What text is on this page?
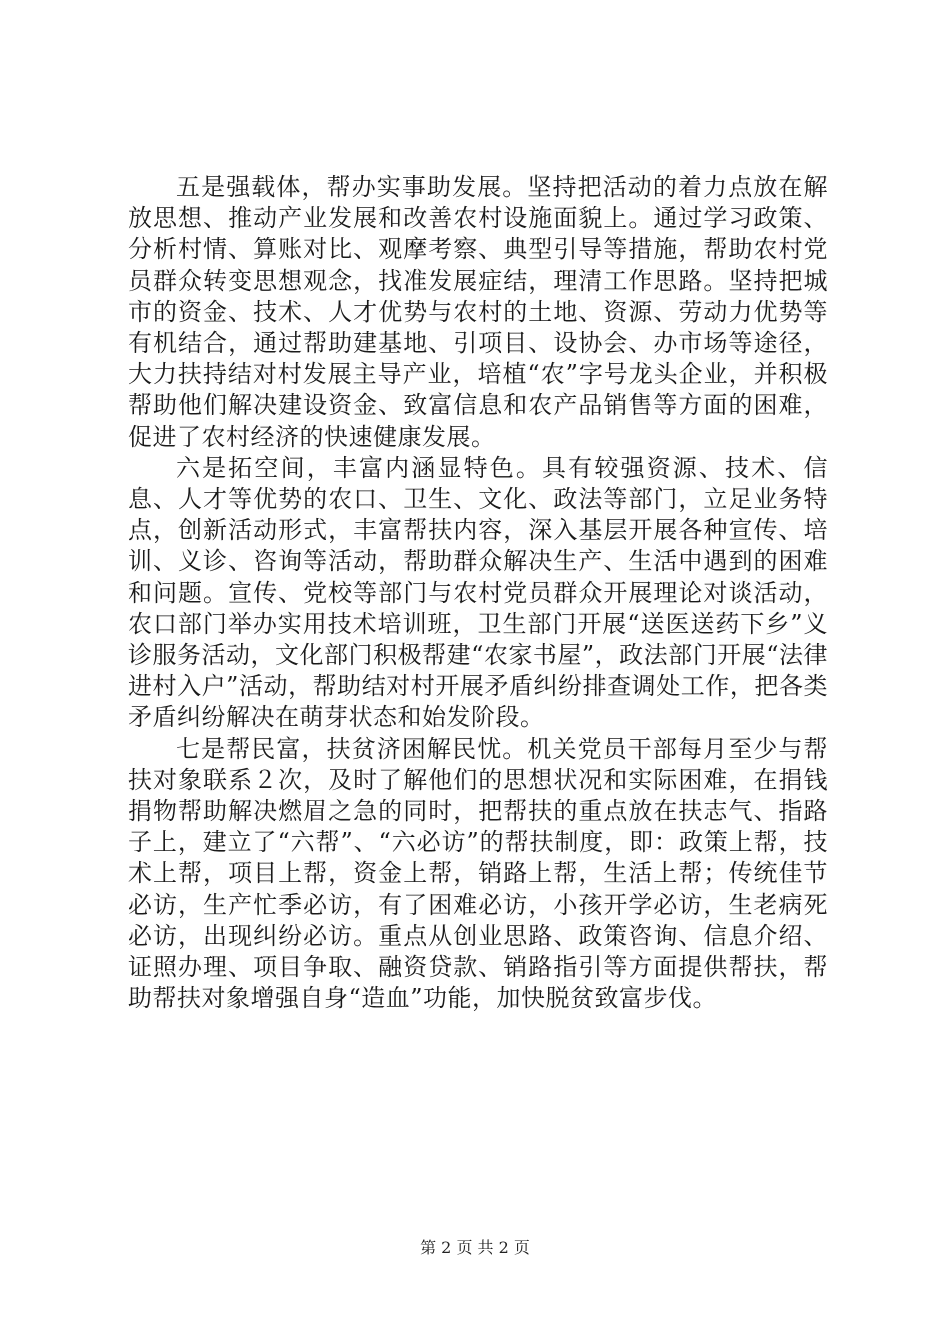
五是强载体，帮办实事助发展。坚持把活动的着力点放在解放思想、推动产业发展和改善农村设施面貌上。通过学习政策、分析村情、算账对比、观摩考察、典型引导等措施，帮助农村党员群众转变思想观念，找准发展症结，理清工作思路。坚持把城市的资金、技术、人才优势与农村的土地、资源、劳动力优势等有机结合，通过帮助建基地、引项目、设协会、办市场等途径，大力扶持结对村发展主导产业，培植“农”字号龙头企业，并积极帮助他们解决建设资金、致富信息和农产品销售等方面的困难，促进了农村经济的快速健康发展。

六是拓空间，丰富内涵显特色。具有较强资源、技术、信息、人才等优势的农口、卫生、文化、政法等部门，立足业务特点，创新活动形式，丰富帮扶内容，深入基层开展各种宣传、培训、义诊、咨询等活动，帮助群众解决生产、生活中遇到的困难和问题。宣传、党校等部门与农村党员群众开展理论对谈活动，农口部门举办实用技术培训班，卫生部门开展“送医送药下乡”义诊服务活动，文化部门积极帮建“农家书屋”，政法部门开展“法律进村入户”活动，帮助结对村开展矛盾纠纷排查调处工作，把各类矛盾纠纷解决在萌芽状态和始发阶段。

七是帮民富，扶贫济困解民忧。机关党员干部每月至少与帮扶对象联系２次，及时了解他们的思想状况和实际困难，在捐钱捐物帮助解决燃眉之急的同时，把帮扶的重点放在扶志气、指路子上，建立了“六帮”、“六必访”的帮扶制度，即：政策上帮，技术上帮，项目上帮，资金上帮，销路上帮，生活上帮；传统佳节必访，生产忙季必访，有了困难必访，小孩开学必访，生老病死必访，出现纠纷必访。重点从创业思路、政策咨询、信息介绍、证照办理、项目争取、融资贷款、销路指引等方面提供帮扶，帮助帮扶对象增强自身“造血”功能，加快脱贫致富步伐。

第 2 页 共 2 页
